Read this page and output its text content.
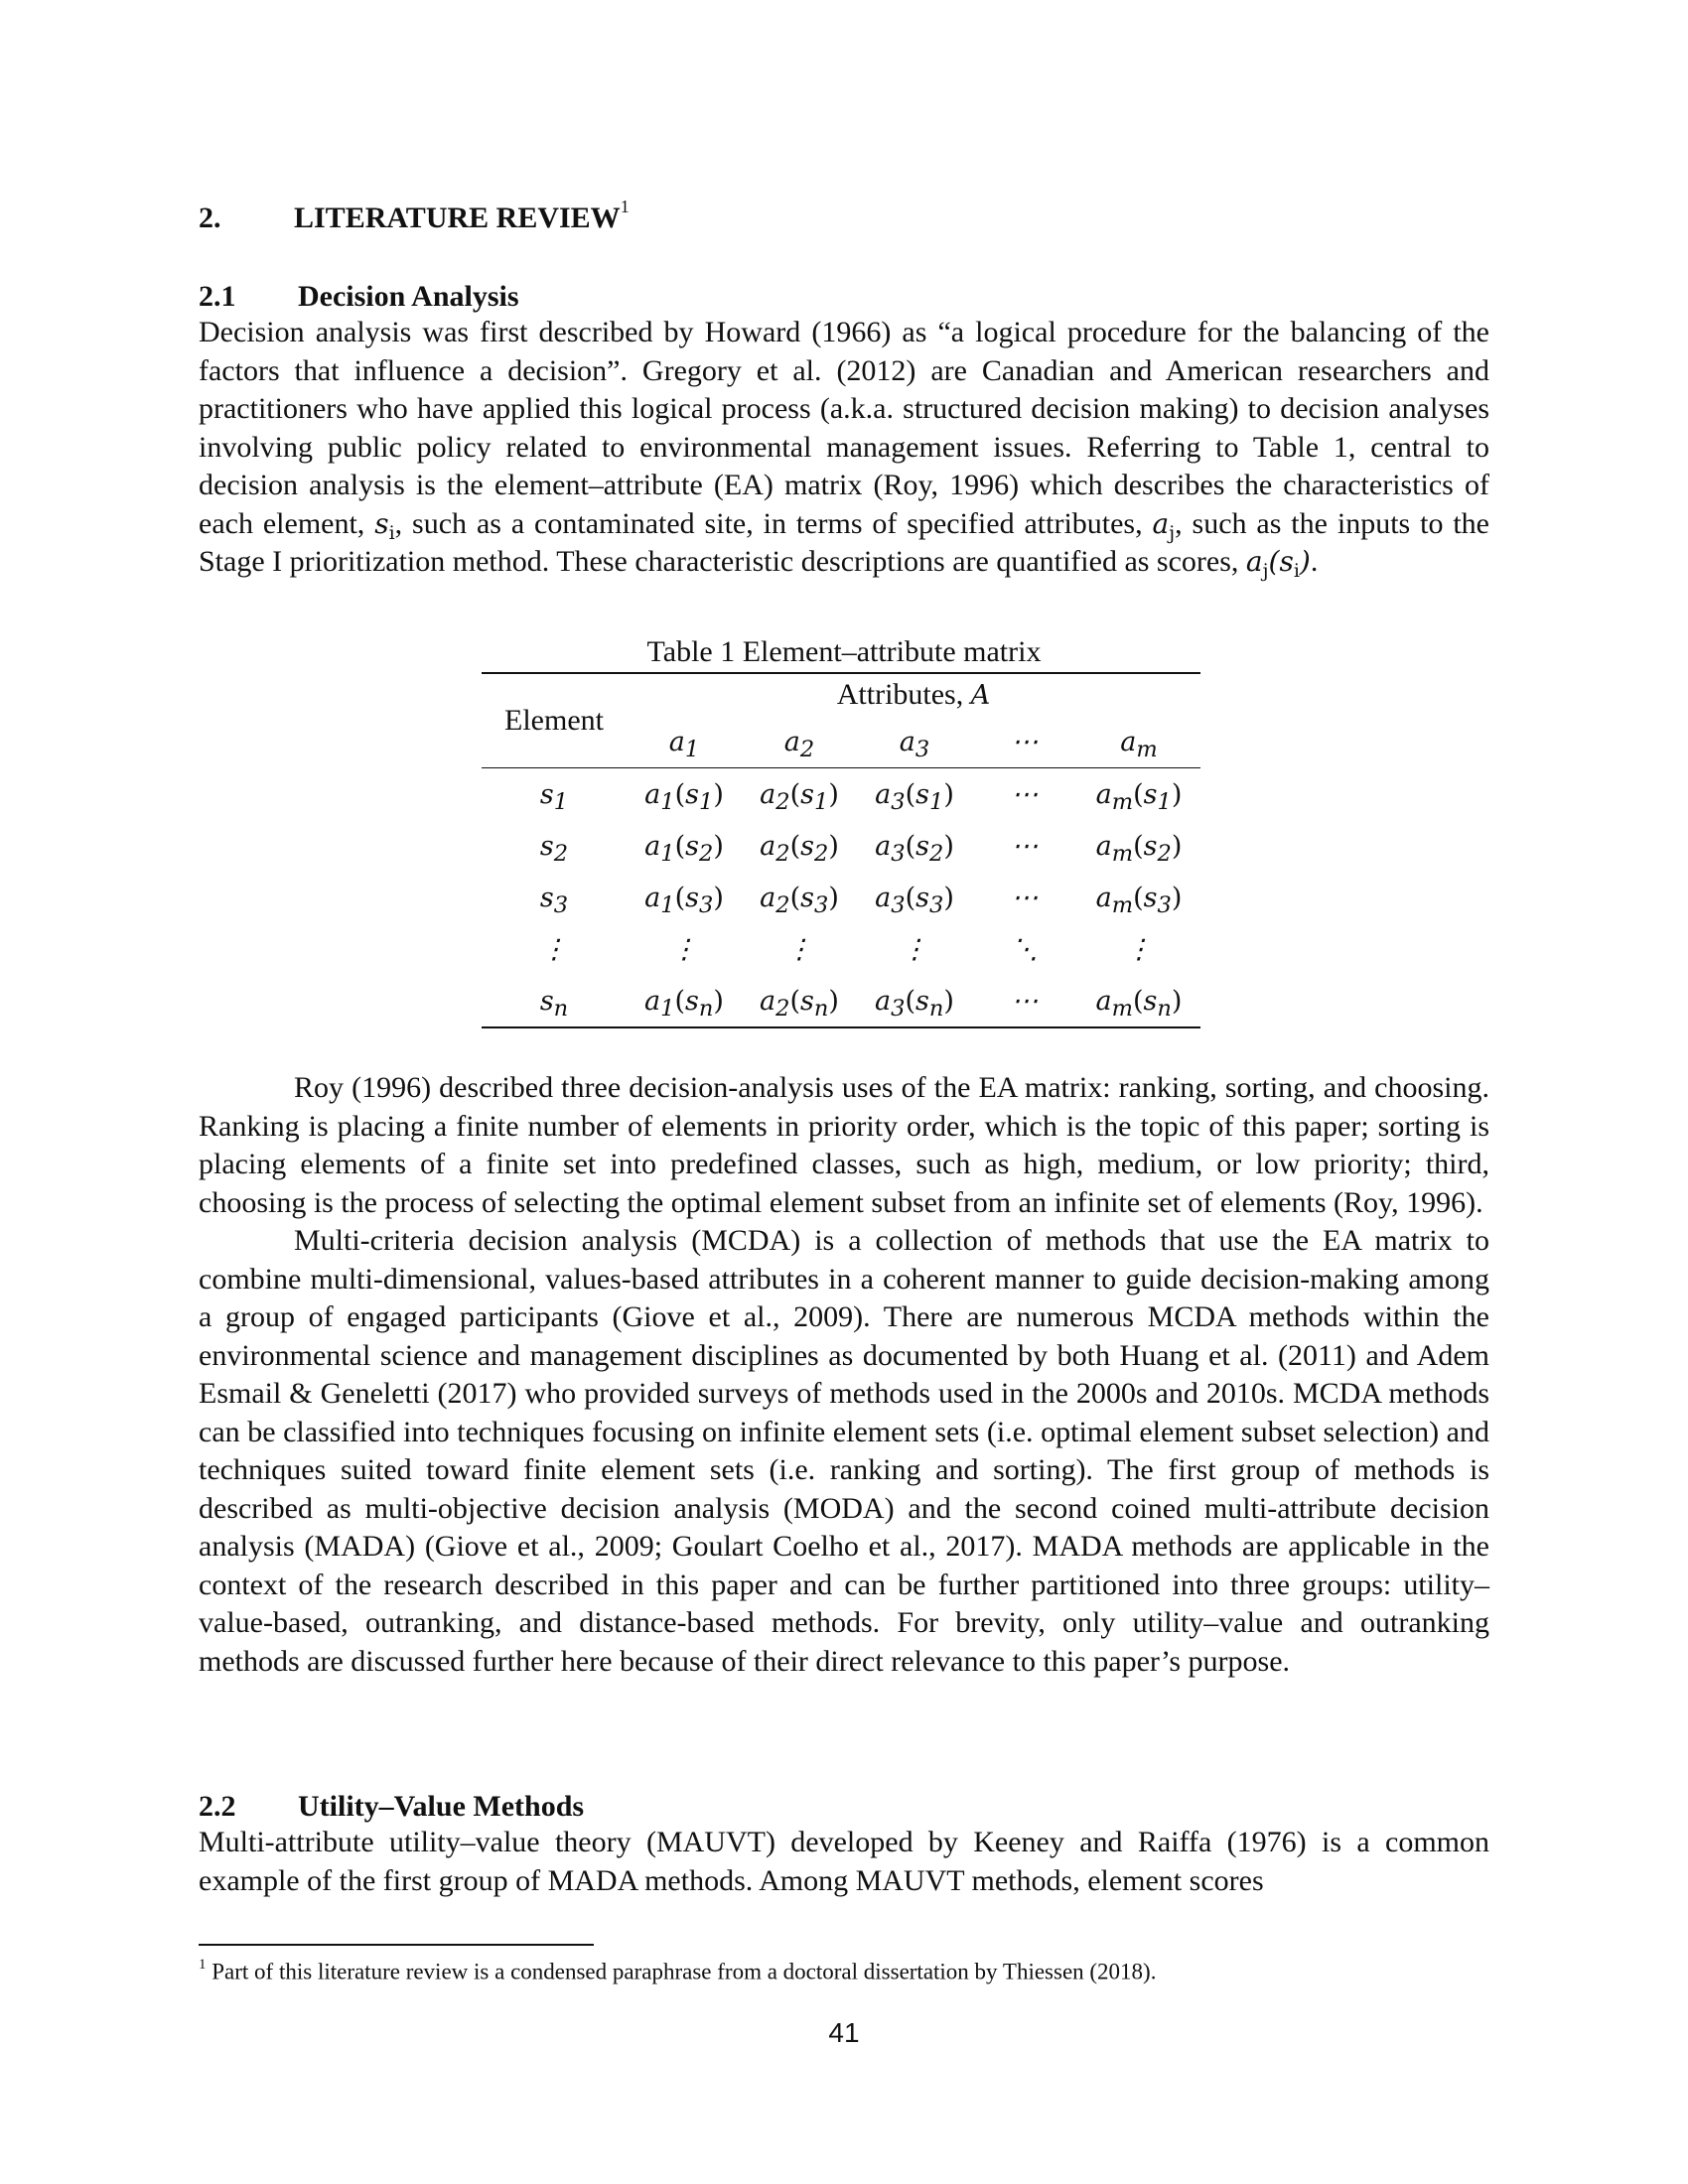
2. LITERATURE REVIEW$^1$
2.1 Decision Analysis
Decision analysis was first described by Howard (1966) as “a logical procedure for the balancing of the factors that influence a decision”. Gregory et al. (2012) are Canadian and American researchers and practitioners who have applied this logical process (a.k.a. structured decision making) to decision analyses involving public policy related to environmental management issues. Referring to Table 1, central to decision analysis is the element–attribute (EA) matrix (Roy, 1996) which describes the characteristics of each element, $s_i$, such as a contaminated site, in terms of specified attributes, $a_j$, such as the inputs to the Stage I prioritization method. These characteristic descriptions are quantified as scores, $a_j(s_i)$.
Table 1 Element–attribute matrix
Element	Attributes, A				
	$a_1$	$a_2$	$a_3$	⋯	$a_m$
$s_1$	$a_1(s_1)$	$a_2(s_1)$	$a_3(s_1)$	⋯	$a_m(s_1)$
$s_2$	$a_1(s_2)$	$a_2(s_2)$	$a_3(s_2)$	⋯	$a_m(s_2)$
$s_3$	$a_1(s_3)$	$a_2(s_3)$	$a_3(s_3)$	⋯	$a_m(s_3)$
⋮	⋮	⋮	⋮	⋱	⋮
$s_n$	$a_1(s_n)$	$a_2(s_n)$	$a_3(s_n)$	⋯	$a_m(s_n)$
Roy (1996) described three decision-analysis uses of the EA matrix: ranking, sorting, and choosing. Ranking is placing a finite number of elements in priority order, which is the topic of this paper; sorting is placing elements of a finite set into predefined classes, such as high, medium, or low priority; third, choosing is the process of selecting the optimal element subset from an infinite set of elements (Roy, 1996).
Multi-criteria decision analysis (MCDA) is a collection of methods that use the EA matrix to combine multi-dimensional, values-based attributes in a coherent manner to guide decision-making among a group of engaged participants (Giove et al., 2009). There are numerous MCDA methods within the environmental science and management disciplines as documented by both Huang et al. (2011) and Adem Esmail & Geneletti (2017) who provided surveys of methods used in the 2000s and 2010s. MCDA methods can be classified into techniques focusing on infinite element sets (i.e. optimal element subset selection) and techniques suited toward finite element sets (i.e. ranking and sorting). The first group of methods is described as multi-objective decision analysis (MODA) and the second coined multi-attribute decision analysis (MADA) (Giove et al., 2009; Goulart Coelho et al., 2017). MADA methods are applicable in the context of the research described in this paper and can be further partitioned into three groups: utility–value-based, outranking, and distance-based methods. For brevity, only utility–value and outranking methods are discussed further here because of their direct relevance to this paper’s purpose.
2.2 Utility–Value Methods
Multi-attribute utility–value theory (MAUVT) developed by Keeney and Raiffa (1976) is a common example of the first group of MADA methods. Among MAUVT methods, element scores
$^1$ Part of this literature review is a condensed paraphrase from a doctoral dissertation by Thiessen (2018).
41
